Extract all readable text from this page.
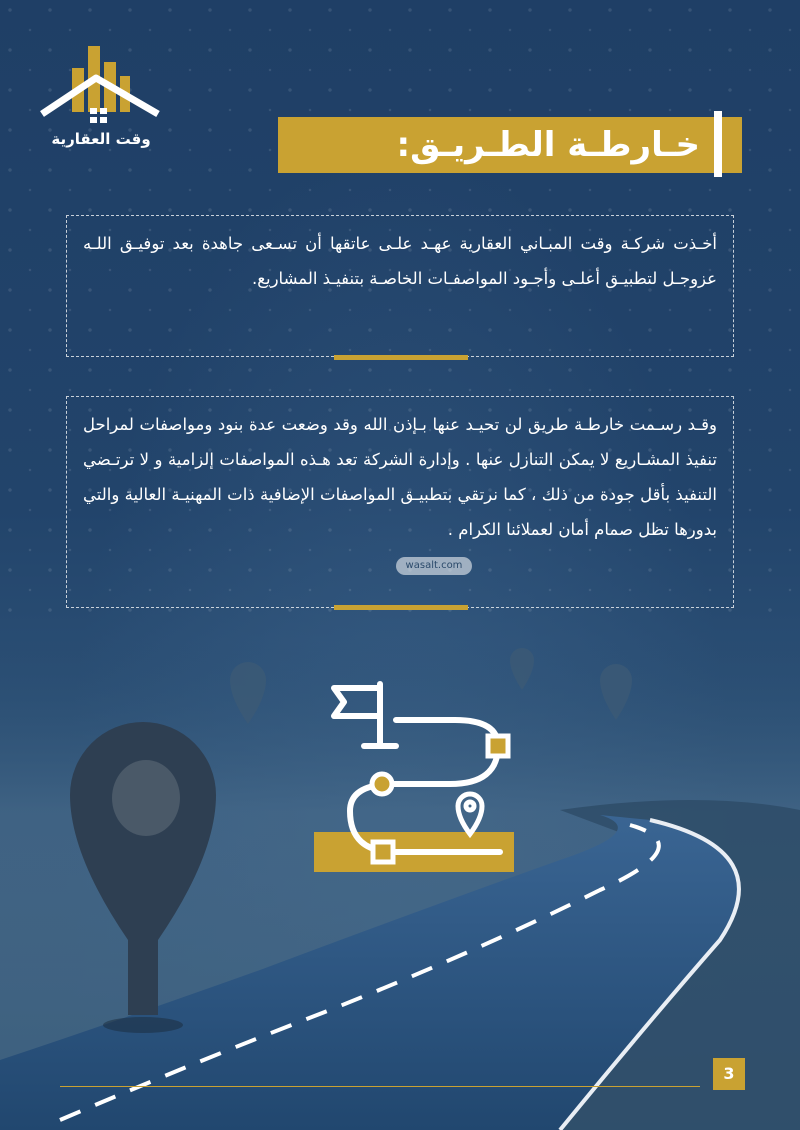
وقت العقارية	خـارطـة الطـريـق:
أخـذت شركـة وقت المبـاني العقارية عهـد علـى عاتقها أن تسـعى جاهدة بعد توفيـق اللـه عزوجـل لتطبيـق أعلـى وأجـود المواصفـات الخاصـة بتنفيـذ المشاريع.
وقـد رسـمت خارطـة طريق لن تحيـد عنها بـإذن الله وقد وضعت عدة بنود ومواصفات لمراحل تنفيذ المشـاريع لا يمكن التنازل عنها . وإدارة الشركة تعد هـذه المواصفات إلزامية و لا ترتـضي التنفيذ بأقل جودة من ذلك ، كما نرتقي بتطبيـق المواصفات الإضافية ذات المهنيـة العالية والتي بدورها تظل صمام أمان لعملائنا الكرام .
wasalt.com
3
